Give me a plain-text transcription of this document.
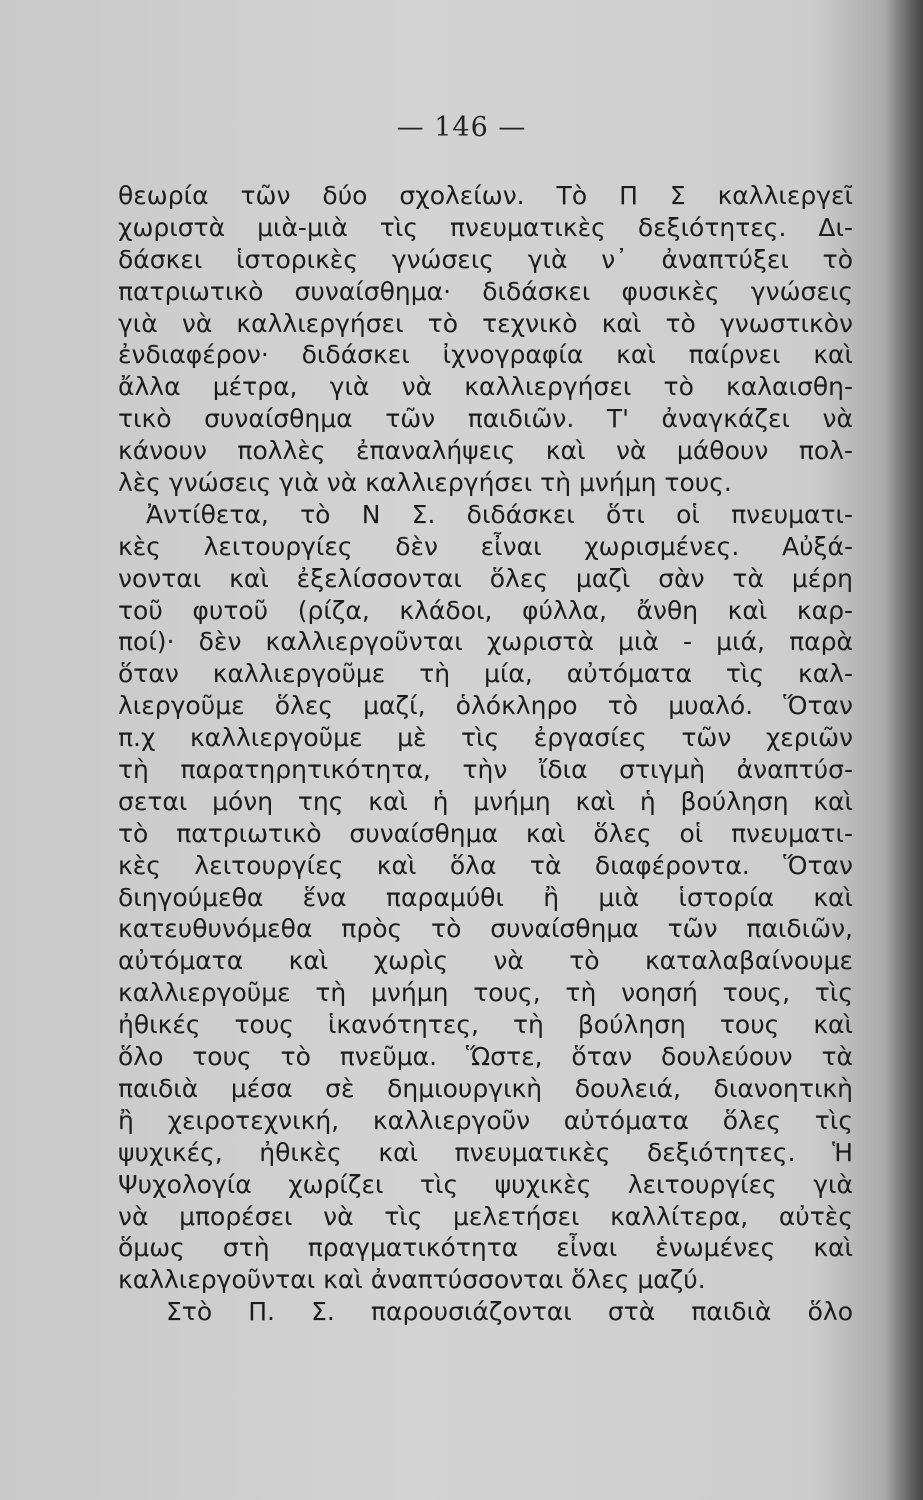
— 146 —
θεωρία τῶν δύο σχολείων. Τὸ Π Σ καλλιεργεῖ
χωριστὰ μιὰ-μιὰ τὶς πνευματικὲς δεξιότητες. Δι-
δάσκει ἱστορικὲς γνώσεις γιὰ ν᾽ ἀναπτύξει τὸ
πατριωτικὸ συναίσθημα· διδάσκει φυσικὲς γνώσεις
γιὰ νὰ καλλιεργήσει τὸ τεχνικὸ καὶ τὸ γνωστικὸν
ἐνδιαφέρον· διδάσκει ἰχνογραφία καὶ παίρνει καὶ
ἄλλα μέτρα, γιὰ νὰ καλλιεργήσει τὸ καλαισθη-
τικὸ συναίσθημα τῶν παιδιῶν. Τ' ἀναγκάζει νὰ
κάνουν πολλὲς ἐπαναλήψεις καὶ νὰ μάθουν πολ-
λὲς γνώσεις γιὰ νὰ καλλιεργήσει τὴ μνήμη τους.
Ἀντίθετα, τὸ Ν Σ. διδάσκει ὅτι οἱ πνευματι-
κὲς λειτουργίες δὲν εἶναι χωρισμένες. Αὐξά-
νονται καὶ ἐξελίσσονται ὅλες μαζὶ σὰν τὰ μέρη
τοῦ φυτοῦ (ρίζα, κλάδοι, φύλλα, ἄνθη καὶ καρ-
ποί)· δὲν καλλιεργοῦνται χωριστὰ μιὰ - μιά, παρὰ
ὅταν καλλιεργοῦμε τὴ μία, αὐτόματα τὶς καλ-
λιεργοῦμε ὅλες μαζί, ὁλόκληρο τὸ μυαλό. Ὅταν
π.χ καλλιεργοῦμε μὲ τὶς ἐργασίες τῶν χεριῶν
τὴ παρατηρητικότητα, τὴν ἴδια στιγμὴ ἀναπτύσ-
σεται μόνη της καὶ ἡ μνήμη καὶ ἡ βούληση καὶ
τὸ πατριωτικὸ συναίσθημα καὶ ὅλες οἱ πνευματι-
κὲς λειτουργίες καὶ ὅλα τὰ διαφέροντα. Ὅταν
διηγούμεθα ἕνα παραμύθι ἢ μιὰ ἱστορία καὶ
κατευθυνόμεθα πρὸς τὸ συναίσθημα τῶν παιδιῶν,
αὐτόματα καὶ χωρὶς νὰ τὸ καταλαβαίνουμε
καλλιεργοῦμε τὴ μνήμη τους, τὴ νοησή τους, τὶς
ἠθικές τους ἱκανότητες, τὴ βούληση τους καὶ
ὅλο τους τὸ πνεῦμα. Ὥστε, ὅταν δουλεύουν τὰ
παιδιὰ μέσα σὲ δημιουργικὴ δουλειά, διανοητικὴ
ἢ χειροτεχνική, καλλιεργοῦν αὐτόματα ὅλες τὶς
ψυχικές, ἠθικὲς καὶ πνευματικὲς δεξιότητες. Ἡ
Ψυχολογία χωρίζει τὶς ψυχικὲς λειτουργίες γιὰ
νὰ μπορέσει νὰ τὶς μελετήσει καλλίτερα, αὐτὲς
ὅμως στὴ πραγματικότητα εἶναι ἑνωμένες καὶ
καλλιεργοῦνται καὶ ἀναπτύσσονται ὅλες μαζύ.
Στὸ Π. Σ. παρουσιάζονται στὰ παιδιὰ ὅλο
